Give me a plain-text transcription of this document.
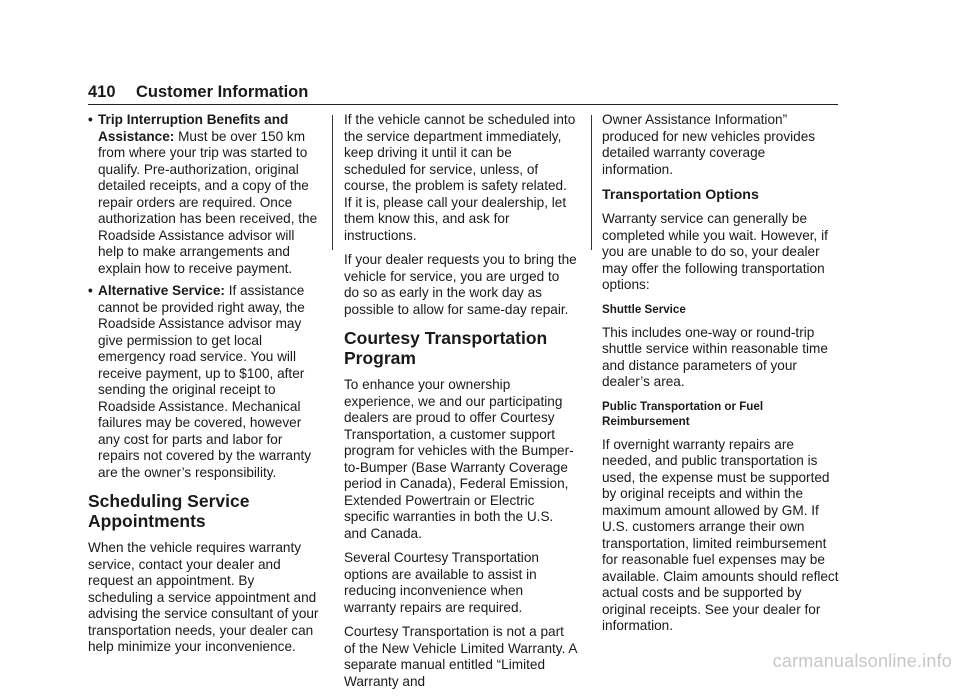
410 Customer Information
• Trip Interruption Benefits and Assistance: Must be over 150 km from where your trip was started to qualify. Pre-authorization, original detailed receipts, and a copy of the repair orders are required. Once authorization has been received, the Roadside Assistance advisor will help to make arrangements and explain how to receive payment.
• Alternative Service: If assistance cannot be provided right away, the Roadside Assistance advisor may give permission to get local emergency road service. You will receive payment, up to $100, after sending the original receipt to Roadside Assistance. Mechanical failures may be covered, however any cost for parts and labor for repairs not covered by the warranty are the owner’s responsibility.
Scheduling Service Appointments

When the vehicle requires warranty service, contact your dealer and request an appointment. By scheduling a service appointment and advising the service consultant of your transportation needs, your dealer can help minimize your inconvenience.

If the vehicle cannot be scheduled into the service department immediately, keep driving it until it can be scheduled for service, unless, of course, the problem is safety related. If it is, please call your dealership, let them know this, and ask for instructions.

If your dealer requests you to bring the vehicle for service, you are urged to do so as early in the work day as possible to allow for same-day repair.

Courtesy Transportation Program

To enhance your ownership experience, we and our participating dealers are proud to offer Courtesy Transportation, a customer support program for vehicles with the Bumper-to-Bumper (Base Warranty Coverage period in Canada), Federal Emission, Extended Powertrain or Electric specific warranties in both the U.S. and Canada.

Several Courtesy Transportation options are available to assist in reducing inconvenience when warranty repairs are required.

Courtesy Transportation is not a part of the New Vehicle Limited Warranty. A separate manual entitled “Limited Warranty and

Owner Assistance Information” produced for new vehicles provides detailed warranty coverage information.

Transportation Options

Warranty service can generally be completed while you wait. However, if you are unable to do so, your dealer may offer the following transportation options:

Shuttle Service

This includes one-way or round-trip shuttle service within reasonable time and distance parameters of your dealer’s area.

Public Transportation or Fuel Reimbursement

If overnight warranty repairs are needed, and public transportation is used, the expense must be supported by original receipts and within the maximum amount allowed by GM. If U.S. customers arrange their own transportation, limited reimbursement for reasonable fuel expenses may be available. Claim amounts should reflect actual costs and be supported by original receipts. See your dealer for information.

carmanualsonline.info
